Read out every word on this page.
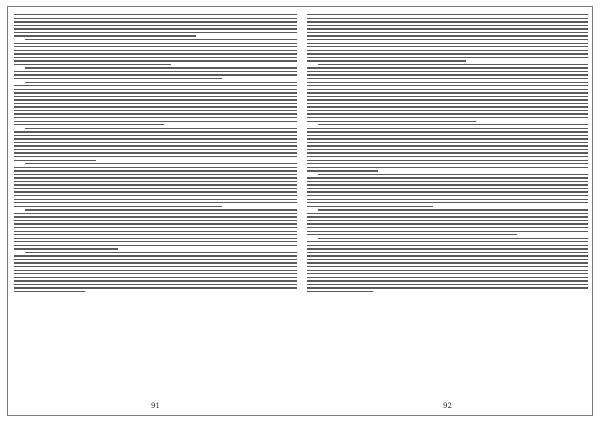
91	92
